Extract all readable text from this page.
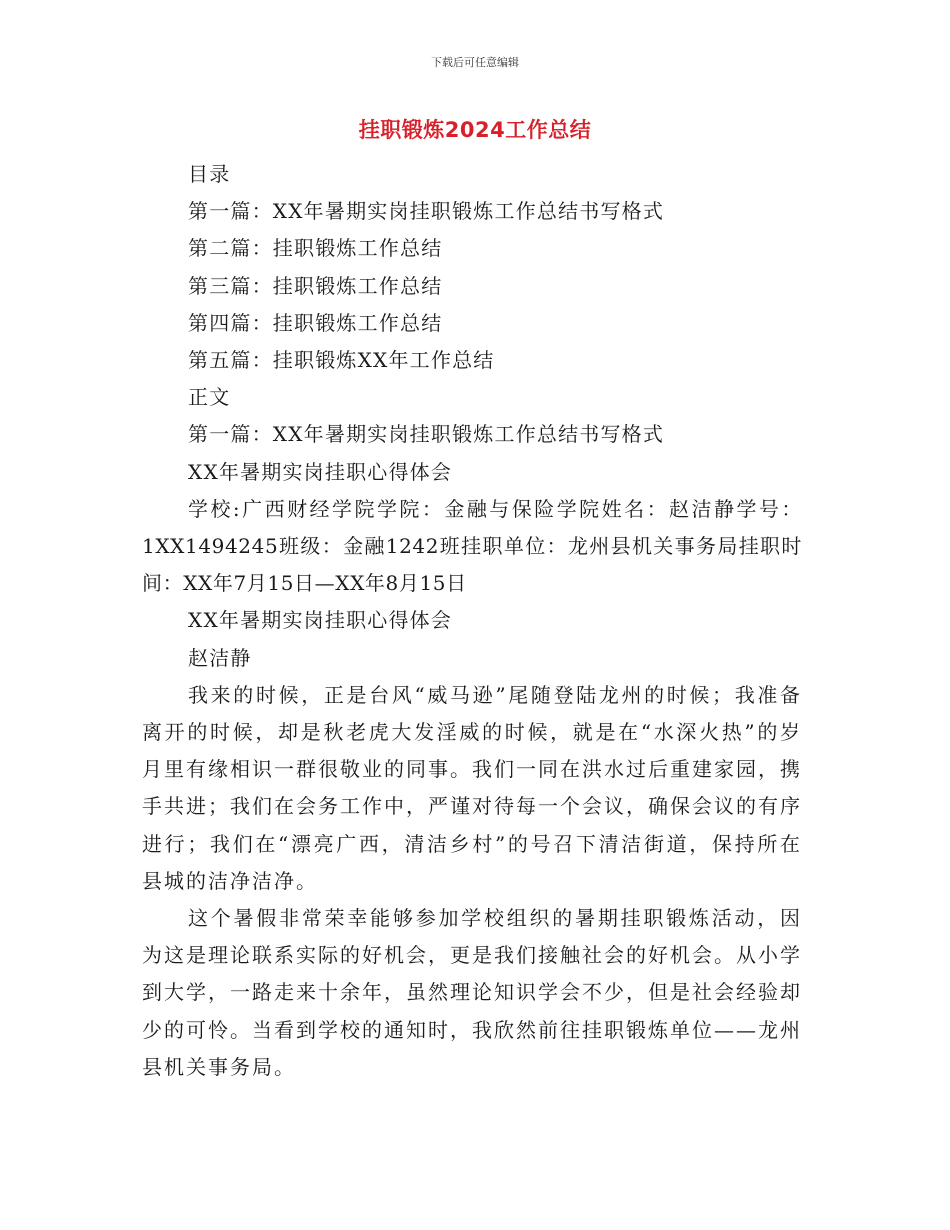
下载后可任意编辑
挂职锻炼2024工作总结
目录
第一篇：XX年暑期实岗挂职锻炼工作总结书写格式
第二篇：挂职锻炼工作总结
第三篇：挂职锻炼工作总结
第四篇：挂职锻炼工作总结
第五篇：挂职锻炼XX年工作总结
正文
第一篇：XX年暑期实岗挂职锻炼工作总结书写格式
XX年暑期实岗挂职心得体会
学校:广西财经学院学院：金融与保险学院姓名：赵洁静学号：1XX1494245班级：金融1242班挂职单位：龙州县机关事务局挂职时间：XX年7月15日—XX年8月15日
XX年暑期实岗挂职心得体会
赵洁静
我来的时候，正是台风“威马逊”尾随登陆龙州的时候；我准备离开的时候，却是秋老虎大发淫威的时候，就是在“水深火热”的岁月里有缘相识一群很敬业的同事。我们一同在洪水过后重建家园，携手共进；我们在会务工作中，严谨对待每一个会议，确保会议的有序进行；我们在“漂亮广西，清洁乡村”的号召下清洁街道，保持所在县城的洁净洁净。
这个暑假非常荣幸能够参加学校组织的暑期挂职锻炼活动，因为这是理论联系实际的好机会，更是我们接触社会的好机会。从小学到大学，一路走来十余年，虽然理论知识学会不少，但是社会经验却少的可怜。当看到学校的通知时，我欣然前往挂职锻炼单位——龙州县机关事务局。
